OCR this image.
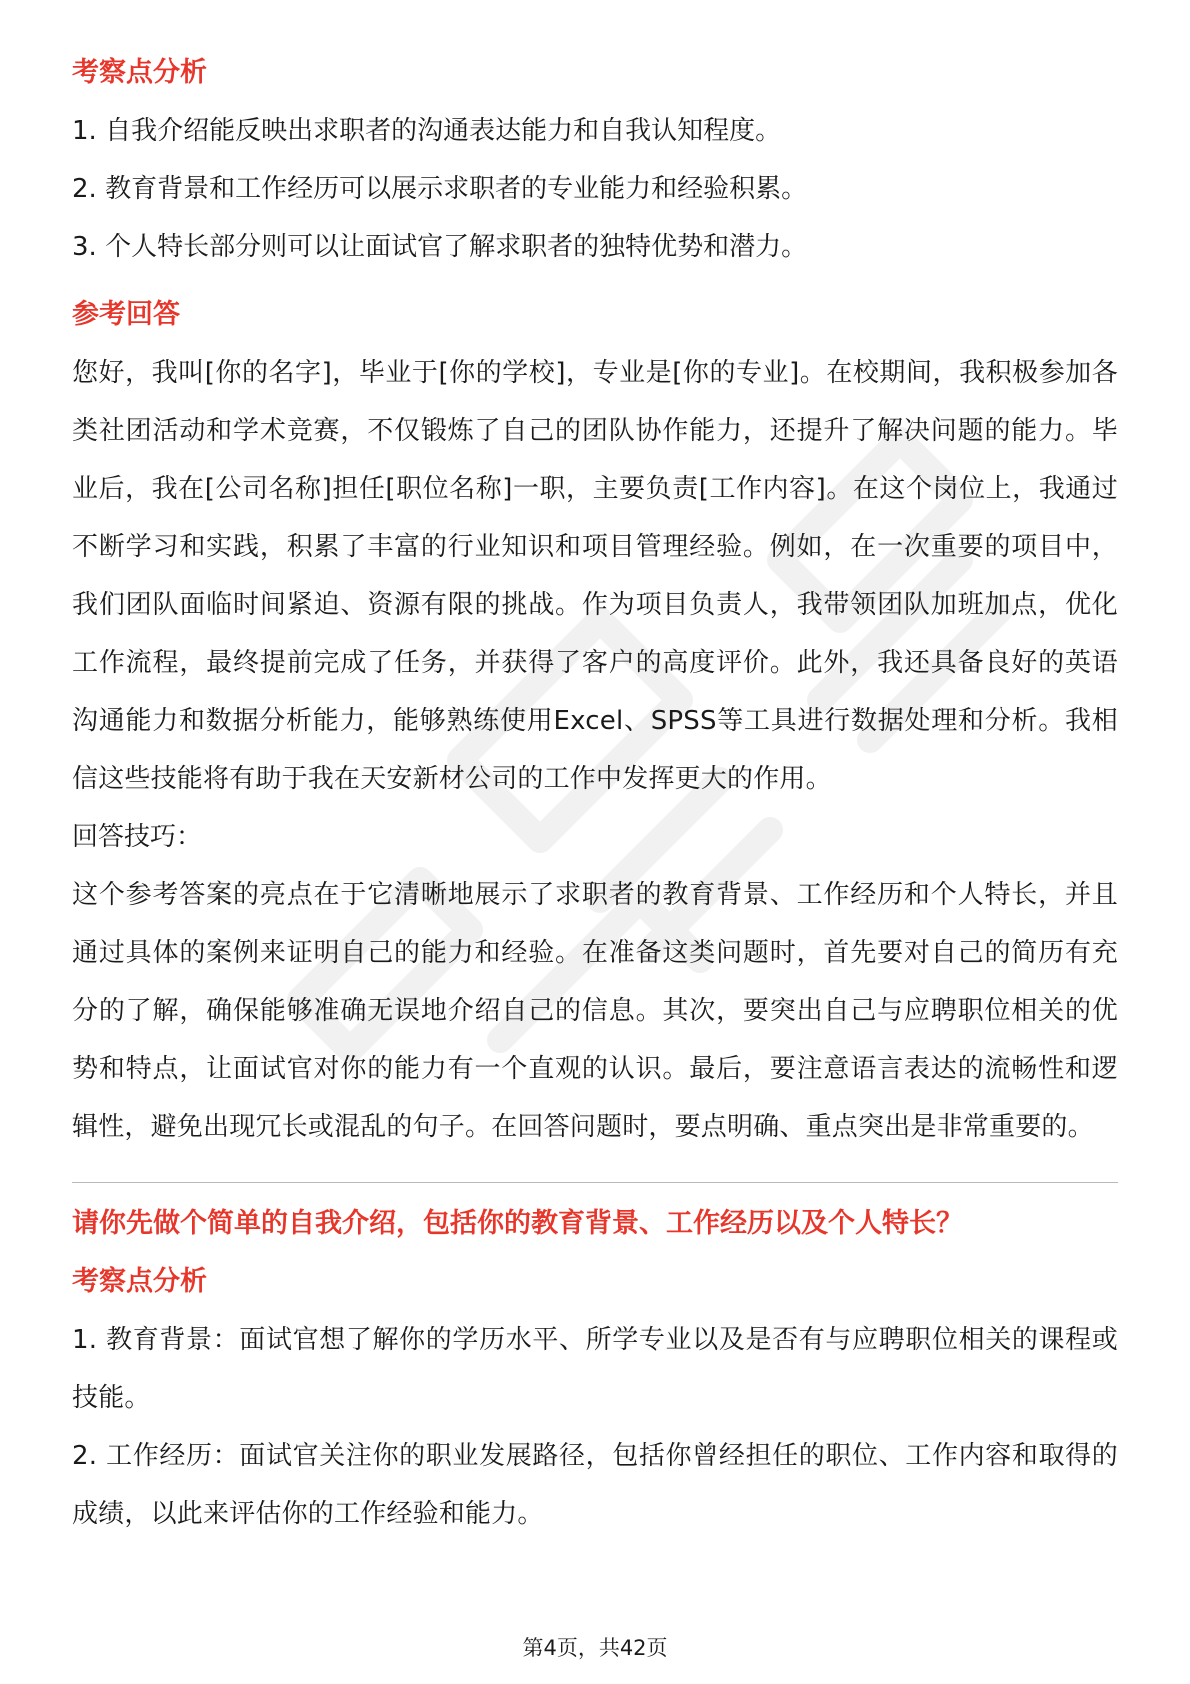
考察点分析

1. 自我介绍能反映出求职者的沟通表达能力和自我认知程度。

2. 教育背景和工作经历可以展示求职者的专业能力和经验积累。

3. 个人特长部分则可以让面试官了解求职者的独特优势和潜力。

参考回答

您好，我叫[你的名字]，毕业于[你的学校]，专业是[你的专业]。在校期间，我积极参加各类社团活动和学术竞赛，不仅锻炼了自己的团队协作能力，还提升了解决问题的能力。毕业后，我在[公司名称]担任[职位名称]一职，主要负责[工作内容]。在这个岗位上，我通过不断学习和实践，积累了丰富的行业知识和项目管理经验。例如，在一次重要的项目中，我们团队面临时间紧迫、资源有限的挑战。作为项目负责人，我带领团队加班加点，优化工作流程，最终提前完成了任务，并获得了客户的高度评价。此外，我还具备良好的英语沟通能力和数据分析能力，能够熟练使用Excel、SPSS等工具进行数据处理和分析。我相信这些技能将有助于我在天安新材公司的工作中发挥更大的作用。

回答技巧：

这个参考答案的亮点在于它清晰地展示了求职者的教育背景、工作经历和个人特长，并且通过具体的案例来证明自己的能力和经验。在准备这类问题时，首先要对自己的简历有充分的了解，确保能够准确无误地介绍自己的信息。其次，要突出自己与应聘职位相关的优势和特点，让面试官对你的能力有一个直观的认识。最后，要注意语言表达的流畅性和逻辑性，避免出现冗长或混乱的句子。在回答问题时，要点明确、重点突出是非常重要的。

请你先做个简单的自我介绍，包括你的教育背景、工作经历以及个人特长？

考察点分析

1. 教育背景：面试官想了解你的学历水平、所学专业以及是否有与应聘职位相关的课程或技能。

2. 工作经历：面试官关注你的职业发展路径，包括你曾经担任的职位、工作内容和取得的成绩，以此来评估你的工作经验和能力。

第4页，共42页
